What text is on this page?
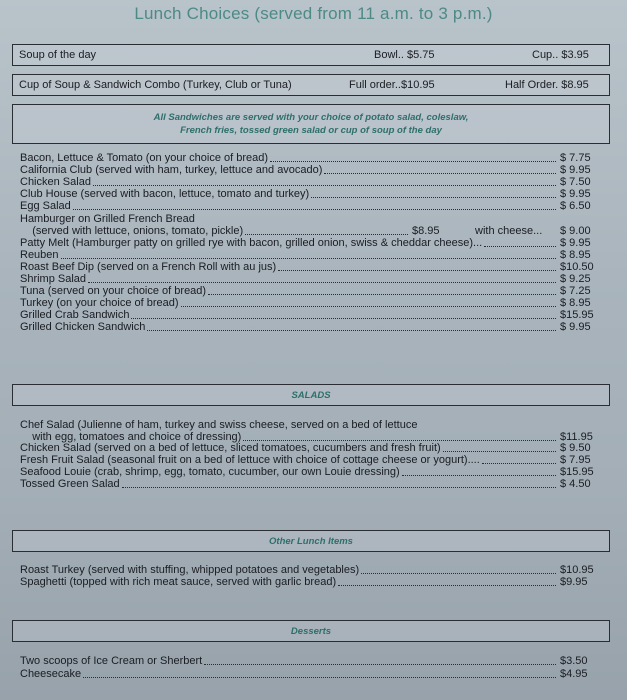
Lunch Choices (served from 11 a.m. to 3 p.m.)
Soup of the day	Bowl.. $5.75	Cup.. $3.95
Cup of Soup & Sandwich Combo (Turkey, Club or Tuna)	Full order..$10.95	Half Order. $8.95
All Sandwiches are served with your choice of potato salad, coleslaw,
French fries, tossed green salad or cup of soup of the day
Bacon, Lettuce & Tomato (on your choice of bread)	$ 7.75
California Club (served with ham, turkey, lettuce and avocado)	$ 9.95
Chicken Salad	$ 7.50
Club House (served with bacon, lettuce, tomato and turkey)	$ 9.95
Egg Salad	$ 6.50
Hamburger on Grilled French Bread
(served with lettuce, onions, tomato, pickle)	$8.95	with cheese... $ 9.00
Patty Melt (Hamburger patty on grilled rye with bacon, grilled onion, swiss & cheddar cheese)...	$ 9.95
Reuben	$ 8.95
Roast Beef Dip (served on a French Roll with au jus)	$10.50
Shrimp Salad	$ 9.25
Tuna (served on your choice of bread)	$ 7.25
Turkey (on your choice of bread)	$ 8.95
Grilled Crab Sandwich	$15.95
Grilled Chicken Sandwich	$ 9.95
SALADS
Chef Salad (Julienne of ham, turkey and swiss cheese, served on a bed of lettuce
with egg, tomatoes and choice of dressing)	$11.95
Chicken Salad (served on a bed of lettuce, sliced tomatoes, cucumbers and fresh fruit)	$ 9.50
Fresh Fruit Salad (seasonal fruit on a bed of lettuce with choice of cottage cheese or yogurt)....	$ 7.95
Seafood Louie (crab, shrimp, egg, tomato, cucumber, our own Louie dressing)	$15.95
Tossed Green Salad	$ 4.50
Other Lunch Items
Roast Turkey (served with stuffing, whipped potatoes and vegetables)	$10.95
Spaghetti (topped with rich meat sauce, served with garlic bread)	$9.95
Desserts
Two scoops of Ice Cream or Sherbert	$3.50
Cheesecake	$4.95
